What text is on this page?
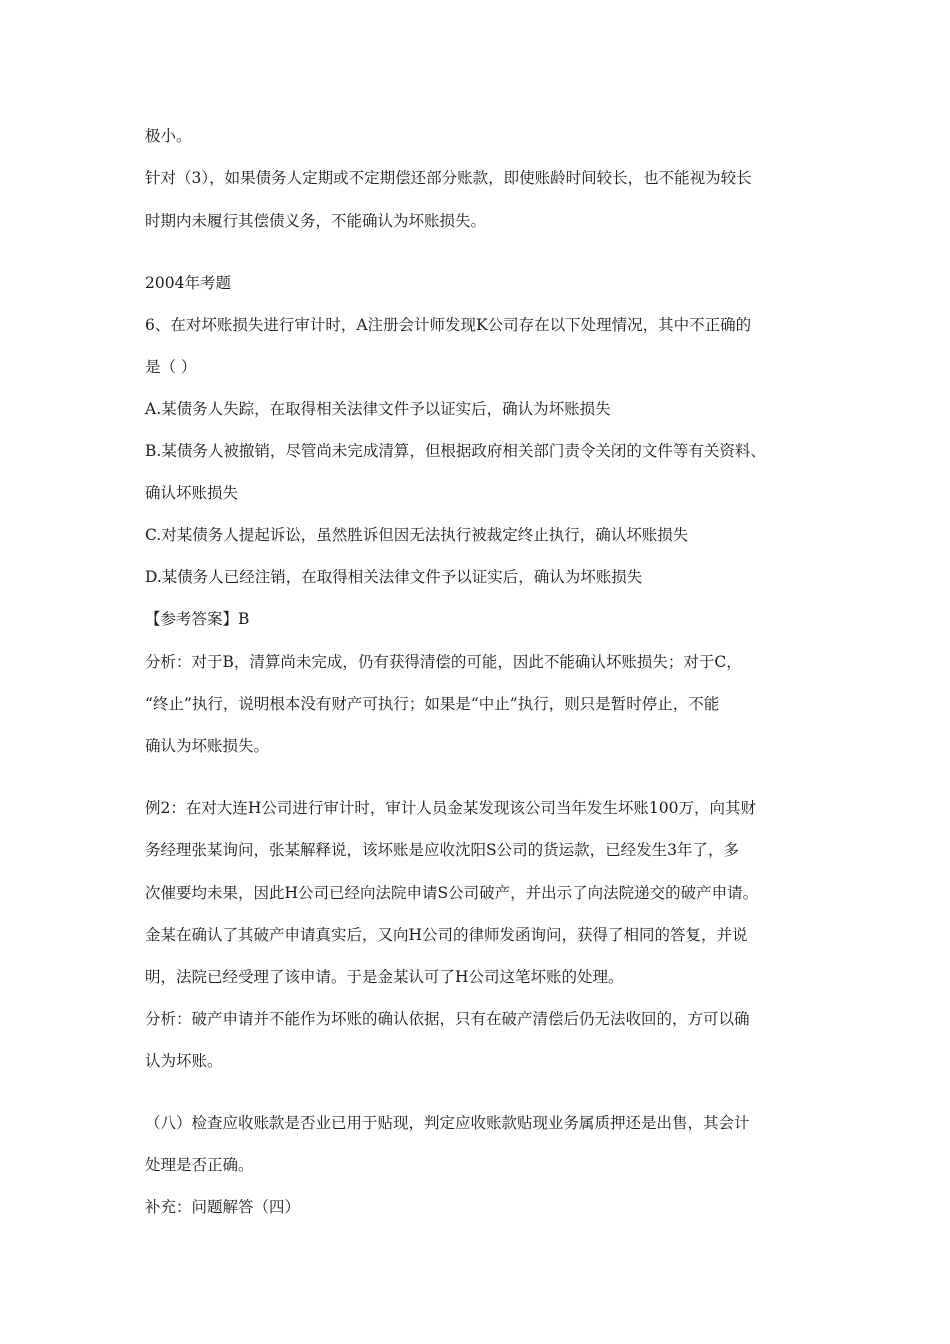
极小。
针对（3），如果债务人定期或不定期偿还部分账款，即使账龄时间较长，也不能视为较长
时期内未履行其偿债义务，不能确认为坏账损失。
2004年考题
6、在对坏账损失进行审计时，A注册会计师发现K公司存在以下处理情况，其中不正确的
是（ ）
A.某债务人失踪，在取得相关法律文件予以证实后，确认为坏账损失
B.某债务人被撤销，尽管尚未完成清算，但根据政府相关部门责令关闭的文件等有关资料、
确认坏账损失
C.对某债务人提起诉讼，虽然胜诉但因无法执行被裁定终止执行，确认坏账损失
D.某债务人已经注销，在取得相关法律文件予以证实后，确认为坏账损失
【参考答案】B
分析：对于B，清算尚未完成，仍有获得清偿的可能，因此不能确认坏账损失；对于C，
“终止”执行，说明根本没有财产可执行；如果是“中止”执行，则只是暂时停止，不能
确认为坏账损失。
例2：在对大连H公司进行审计时，审计人员金某发现该公司当年发生坏账100万，向其财
务经理张某询问，张某解释说，该坏账是应收沈阳S公司的货运款，已经发生3年了，多
次催要均未果，因此H公司已经向法院申请S公司破产，并出示了向法院递交的破产申请。
金某在确认了其破产申请真实后，又向H公司的律师发函询问，获得了相同的答复，并说
明，法院已经受理了该申请。于是金某认可了H公司这笔坏账的处理。
分析：破产申请并不能作为坏账的确认依据，只有在破产清偿后仍无法收回的，方可以确
认为坏账。
（八）检查应收账款是否业已用于贴现，判定应收账款贴现业务属质押还是出售，其会计
处理是否正确。
补充：问题解答（四）
